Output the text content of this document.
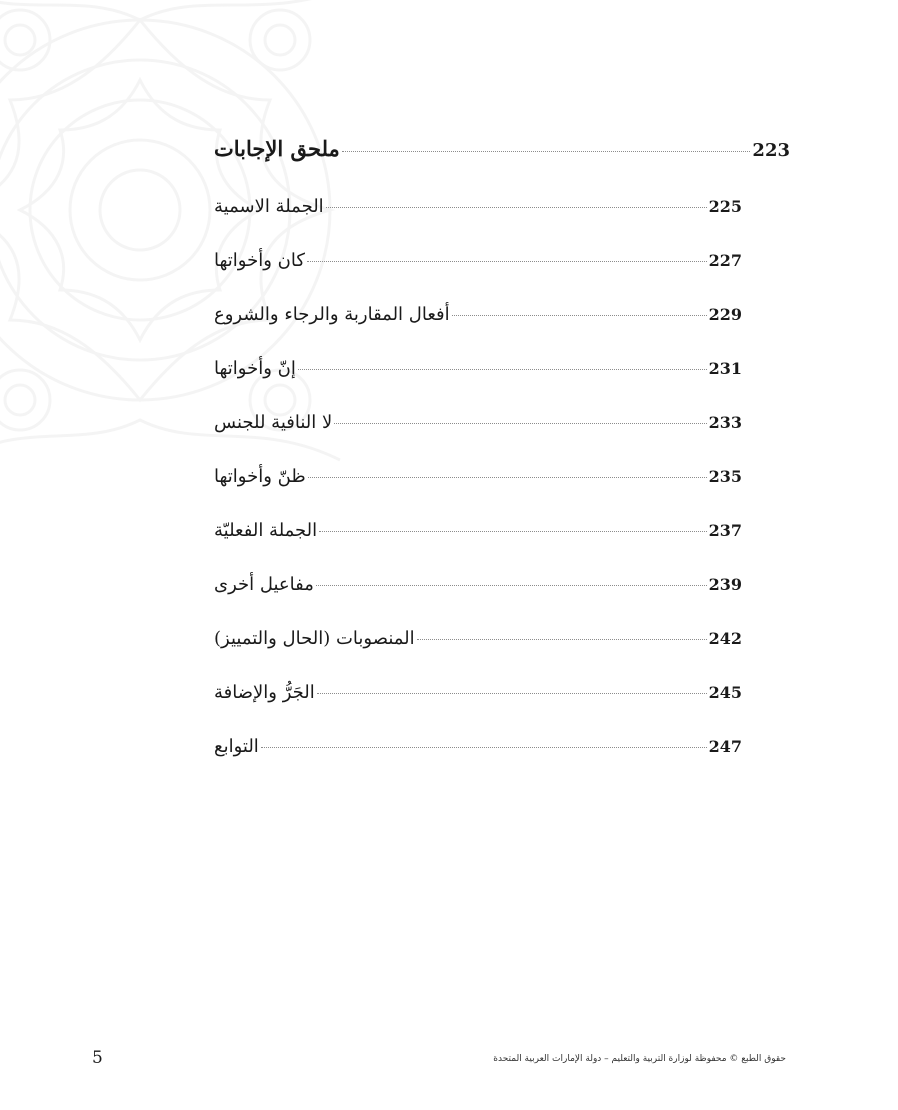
ملحق الإجابات	223
الجملة الاسمية	225
كان وأخواتها	227
أفعال المقاربة والرجاء والشروع	229
إنّ وأخواتها	231
لا النافية للجنس	233
ظنّ وأخواتها	235
الجملة الفعليّة	237
مفاعيل أخرى	239
المنصوبات (الحال والتمييز)	242
الجَرُّ والإضافة	245
التوابع	247
5	حقوق الطبع © محفوظة لوزارة التربية والتعليم – دولة الإمارات العربية المتحدة
